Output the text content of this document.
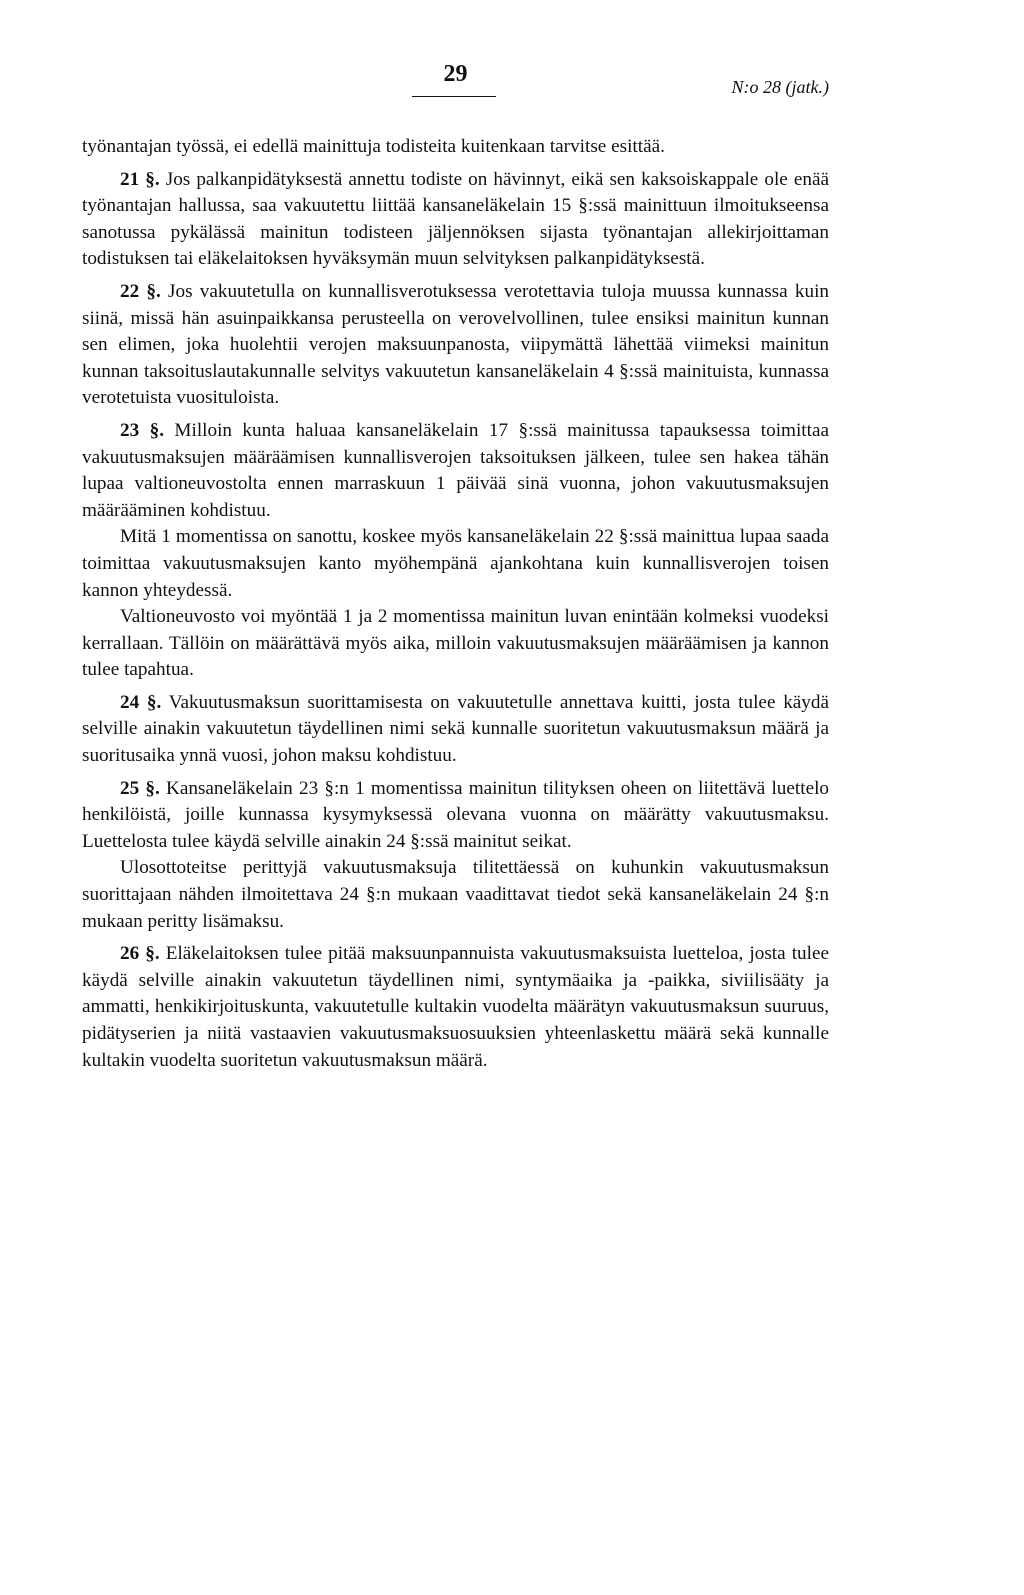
29	N:o 28 (jatk.)

työnantajan työssä, ei edellä mainittuja todisteita kuitenkaan tarvitse esittää.

21 §. Jos palkanpidätyksestä annettu todiste on hävinnyt, eikä sen kaksoiskappale ole enää työnantajan hallussa, saa vakuutettu liittää kansaneläkelain 15 §:ssä mainittuun ilmoitukseensa sanotussa pykälässä mainitun todisteen jäljennöksen sijasta työnantajan allekirjoittaman todistuksen tai eläkelaitoksen hyväksymän muun selvityksen palkanpidätyksestä.

22 §. Jos vakuutetulla on kunnallisverotuksessa verotettavia tuloja muussa kunnassa kuin siinä, missä hän asuinpaikkansa perusteella on verovelvollinen, tulee ensiksi mainitun kunnan sen elimen, joka huolehtii verojen maksuunpanosta, viipymättä lähettää viimeksi mainitun kunnan taksoituslautakunnalle selvitys vakuutetun kansaneläkelain 4 §:ssä mainituista, kunnassa verotetuista vuosituloista.

23 §. Milloin kunta haluaa kansaneläkelain 17 §:ssä mainitussa tapauksessa toimittaa vakuutusmaksujen määräämisen kunnallisverojen taksoituksen jälkeen, tulee sen hakea tähän lupaa valtioneuvostolta ennen marraskuun 1 päivää sinä vuonna, johon vakuutusmaksujen määrääminen kohdistuu.

Mitä 1 momentissa on sanottu, koskee myös kansaneläkelain 22 §:ssä mainittua lupaa saada toimittaa vakuutusmaksujen kanto myöhempänä ajankohtana kuin kunnallisverojen toisen kannon yhteydessä.

Valtioneuvosto voi myöntää 1 ja 2 momentissa mainitun luvan enintään kolmeksi vuodeksi kerrallaan. Tällöin on määrättävä myös aika, milloin vakuutusmaksujen määräämisen ja kannon tulee tapahtua.

24 §. Vakuutusmaksun suorittamisesta on vakuutetulle annettava kuitti, josta tulee käydä selville ainakin vakuutetun täydellinen nimi sekä kunnalle suoritetun vakuutusmaksun määrä ja suoritusaika ynnä vuosi, johon maksu kohdistuu.

25 §. Kansaneläkelain 23 §:n 1 momentissa mainitun tilityksen oheen on liitettävä luettelo henkilöistä, joille kunnassa kysymyksessä olevana vuonna on määrätty vakuutusmaksu. Luettelosta tulee käydä selville ainakin 24 §:ssä mainitut seikat.

Ulosottoteitse perittyjä vakuutusmaksuja tilitettäessä on kuhunkin vakuutusmaksun suorittajaan nähden ilmoitettava 24 §:n mukaan vaadittavat tiedot sekä kansaneläkelain 24 §:n mukaan peritty lisämaksu.

26 §. Eläkelaitoksen tulee pitää maksuunpannuista vakuutusmaksuista luetteloa, josta tulee käydä selville ainakin vakuutetun täydellinen nimi, syntymäaika ja -paikka, siviilisääty ja ammatti, henkikirjoituskunta, vakuutetulle kultakin vuodelta määrätyn vakuutusmaksun suuruus, pidätyserien ja niitä vastaavien vakuutusmaksuosuuksien yhteenlaskettu määrä sekä kunnalle kultakin vuodelta suoritetun vakuutusmaksun määrä.
